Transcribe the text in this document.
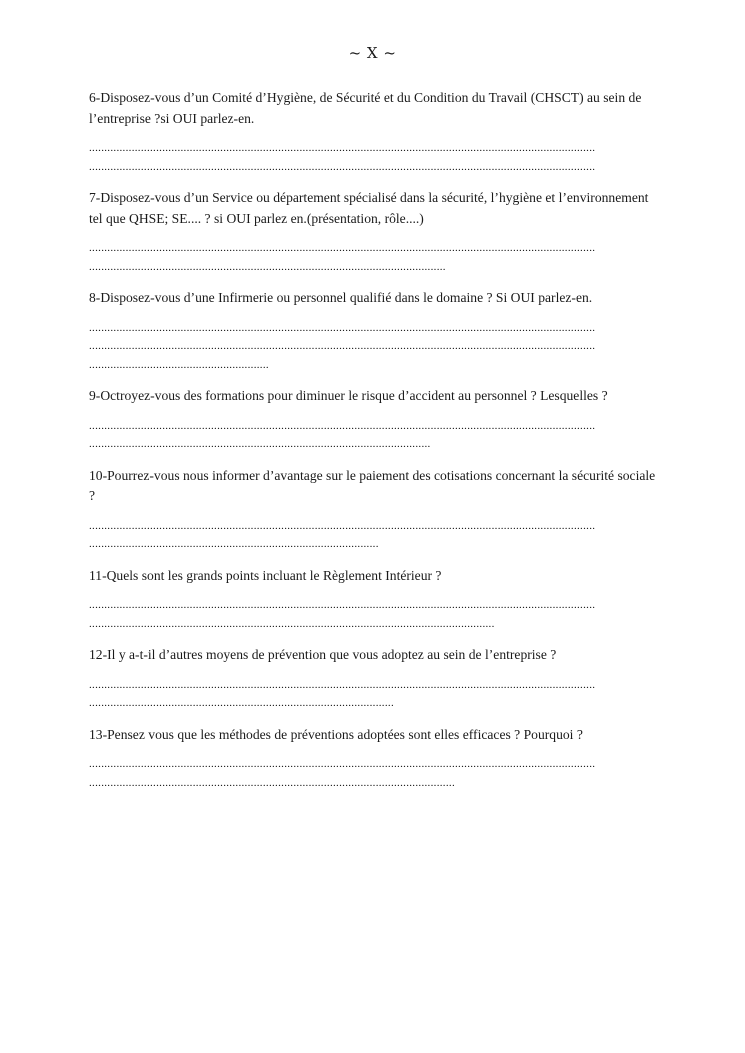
~ X ~

6-Disposez-vous d’un Comité d’Hygiène, de Sécurité et du Condition du Travail (CHSCT) au sein de l’entreprise ?si OUI parlez-en.

......................................................................................................................................................................
......................................................................................................................................................................

7-Disposez-vous d’un Service ou département spécialisé dans la sécurité, l’hygiène et l’environnement tel que QHSE; SE.... ? si OUI parlez en.(présentation, rôle....)

......................................................................................................................................................................
.....................................................................................................................

8-Disposez-vous d’une Infirmerie ou personnel qualifié dans le domaine ? Si OUI parlez-en.

......................................................................................................................................................................
......................................................................................................................................................................
...........................................................

9-Octroyez-vous des formations pour diminuer le risque d’accident au personnel ? Lesquelles ?

......................................................................................................................................................................
................................................................................................................

10-Pourrez-vous nous informer d’avantage sur le paiement des cotisations concernant la sécurité sociale ?

......................................................................................................................................................................
...............................................................................................

11-Quels sont les grands points incluant le Règlement Intérieur ?

......................................................................................................................................................................
.....................................................................................................................................

12-Il y a-t-il d’autres moyens de prévention que vous adoptez au sein de l’entreprise ?

......................................................................................................................................................................
....................................................................................................

13-Pensez vous que les méthodes de préventions adoptées sont elles efficaces ? Pourquoi ?

......................................................................................................................................................................
........................................................................................................................
